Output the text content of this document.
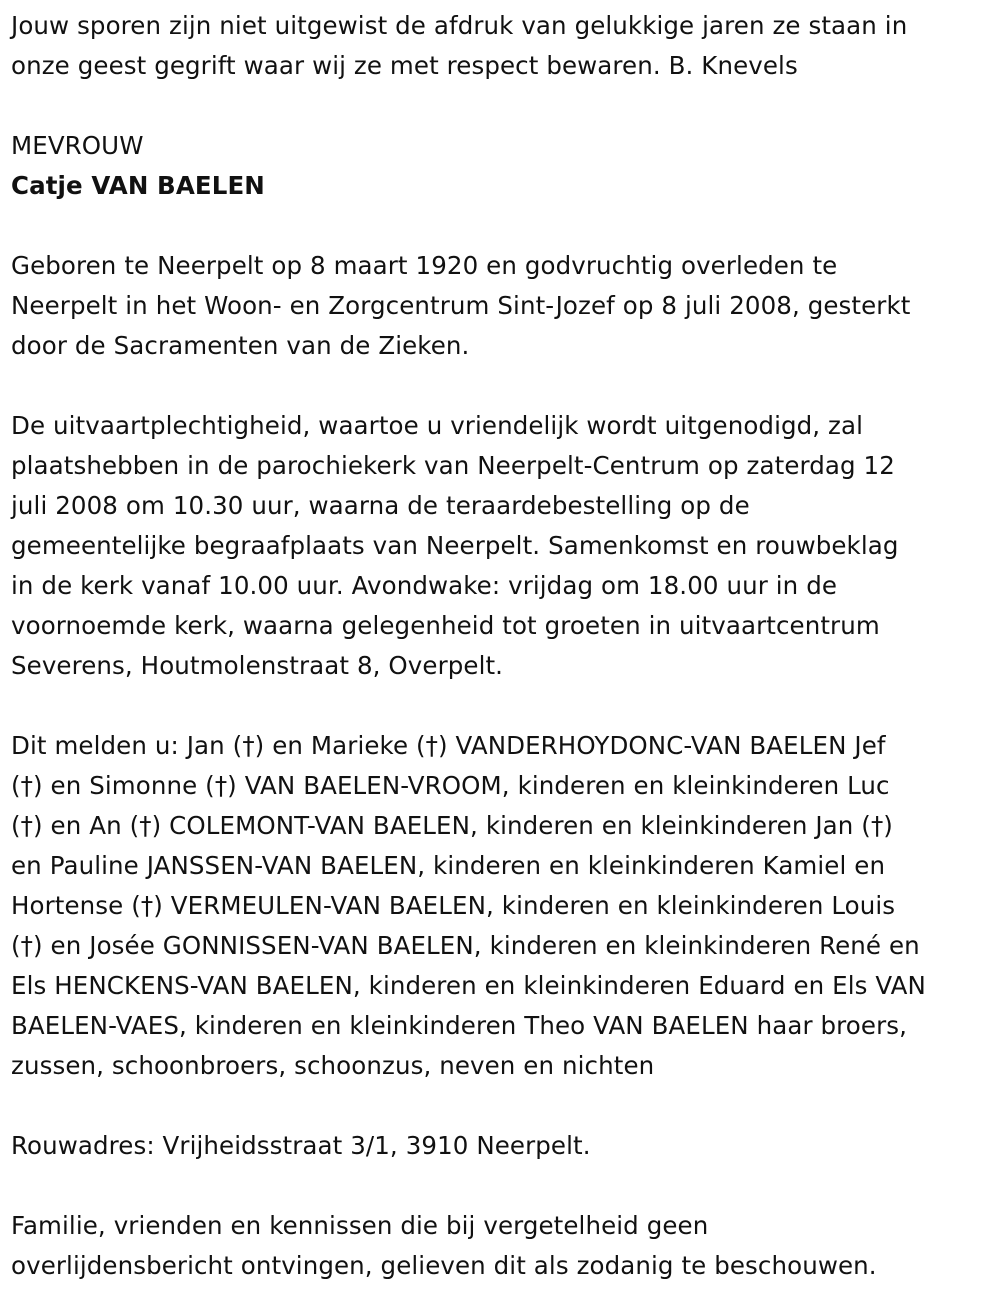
Jouw sporen zijn niet uitgewist de afdruk van gelukkige jaren ze staan in
onze geest gegrift waar wij ze met respect bewaren. B. Knevels

MEVROUW

Catje VAN BAELEN

Geboren te Neerpelt op 8 maart 1920 en godvruchtig overleden te
Neerpelt in het Woon- en Zorgcentrum Sint-Jozef op 8 juli 2008, gesterkt
door de Sacramenten van de Zieken.

De uitvaartplechtigheid, waartoe u vriendelijk wordt uitgenodigd, zal
plaatshebben in de parochiekerk van Neerpelt-Centrum op zaterdag 12
juli 2008 om 10.30 uur, waarna de teraardebestelling op de
gemeentelijke begraafplaats van Neerpelt. Samenkomst en rouwbeklag
in de kerk vanaf 10.00 uur. Avondwake: vrijdag om 18.00 uur in de
voornoemde kerk, waarna gelegenheid tot groeten in uitvaartcentrum
Severens, Houtmolenstraat 8, Overpelt.

Dit melden u: Jan (†) en Marieke (†) VANDERHOYDONC-VAN BAELEN Jef
(†) en Simonne (†) VAN BAELEN-VROOM, kinderen en kleinkinderen Luc
(†) en An (†) COLEMONT-VAN BAELEN, kinderen en kleinkinderen Jan (†)
en Pauline JANSSEN-VAN BAELEN, kinderen en kleinkinderen Kamiel en
Hortense (†) VERMEULEN-VAN BAELEN, kinderen en kleinkinderen Louis
(†) en Josée GONNISSEN-VAN BAELEN, kinderen en kleinkinderen René en
Els HENCKENS-VAN BAELEN, kinderen en kleinkinderen Eduard en Els VAN
BAELEN-VAES, kinderen en kleinkinderen Theo VAN BAELEN haar broers,
zussen, schoonbroers, schoonzus, neven en nichten

Rouwadres: Vrijheidsstraat 3/1, 3910 Neerpelt.

Familie, vrienden en kennissen die bij vergetelheid geen
overlijdensbericht ontvingen, gelieven dit als zodanig te beschouwen.
